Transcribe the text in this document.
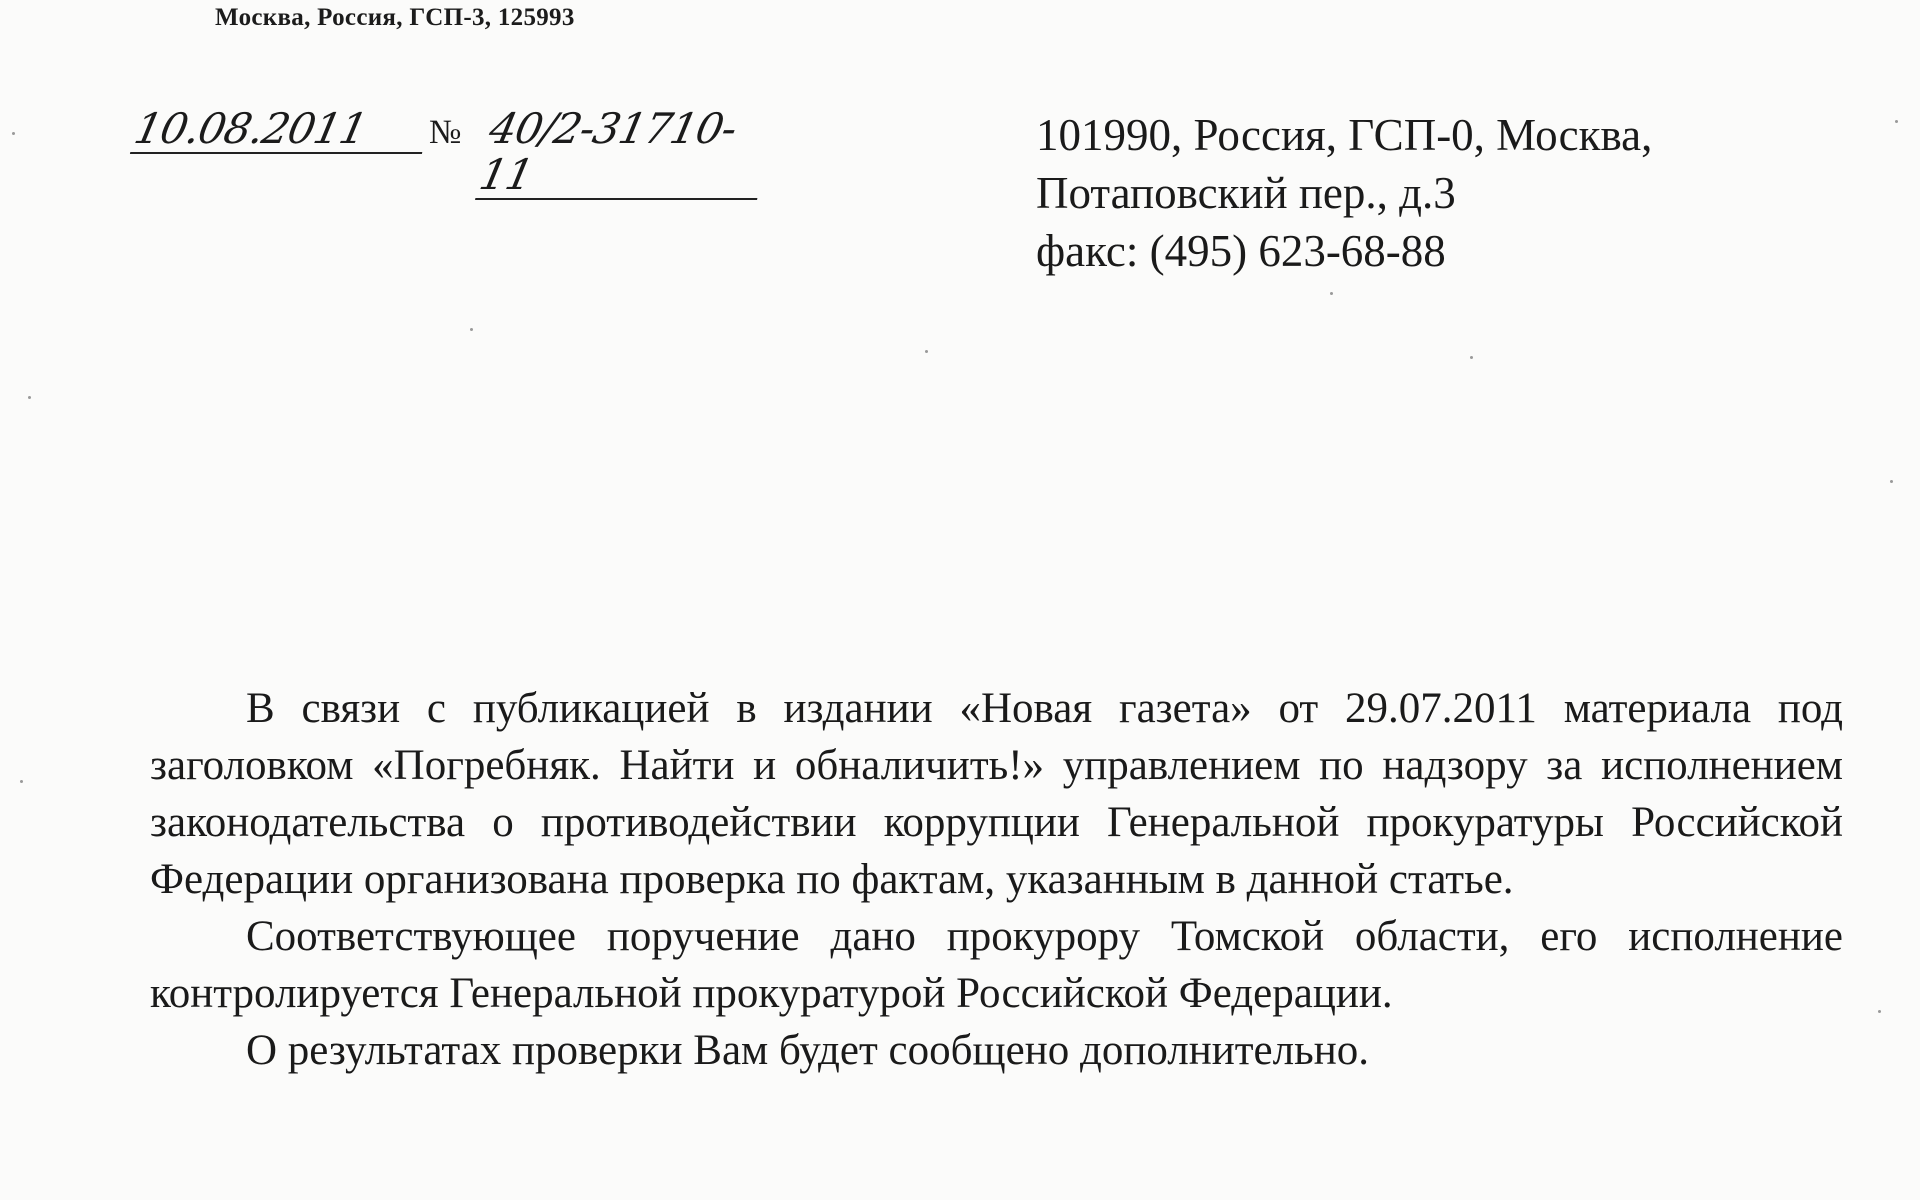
Москва, Россия, ГСП-3, 125993
10.08.2011	№ 40/2-31710-11
101990, Россия, ГСП-0, Москва,
Потаповский пер., д.3
факс: (495) 623-68-88

В связи с публикацией в издании «Новая газета» от 29.07.2011 материала под заголовком «Погребняк. Найти и обналичить!» управлением по надзору за исполнением законодательства о противодействии коррупции Генеральной прокуратуры Российской Федерации организована проверка по фактам, указанным в данной статье.

Соответствующее поручение дано прокурору Томской области, его исполнение контролируется Генеральной прокуратурой Российской Федерации.

О результатах проверки Вам будет сообщено дополнительно.
